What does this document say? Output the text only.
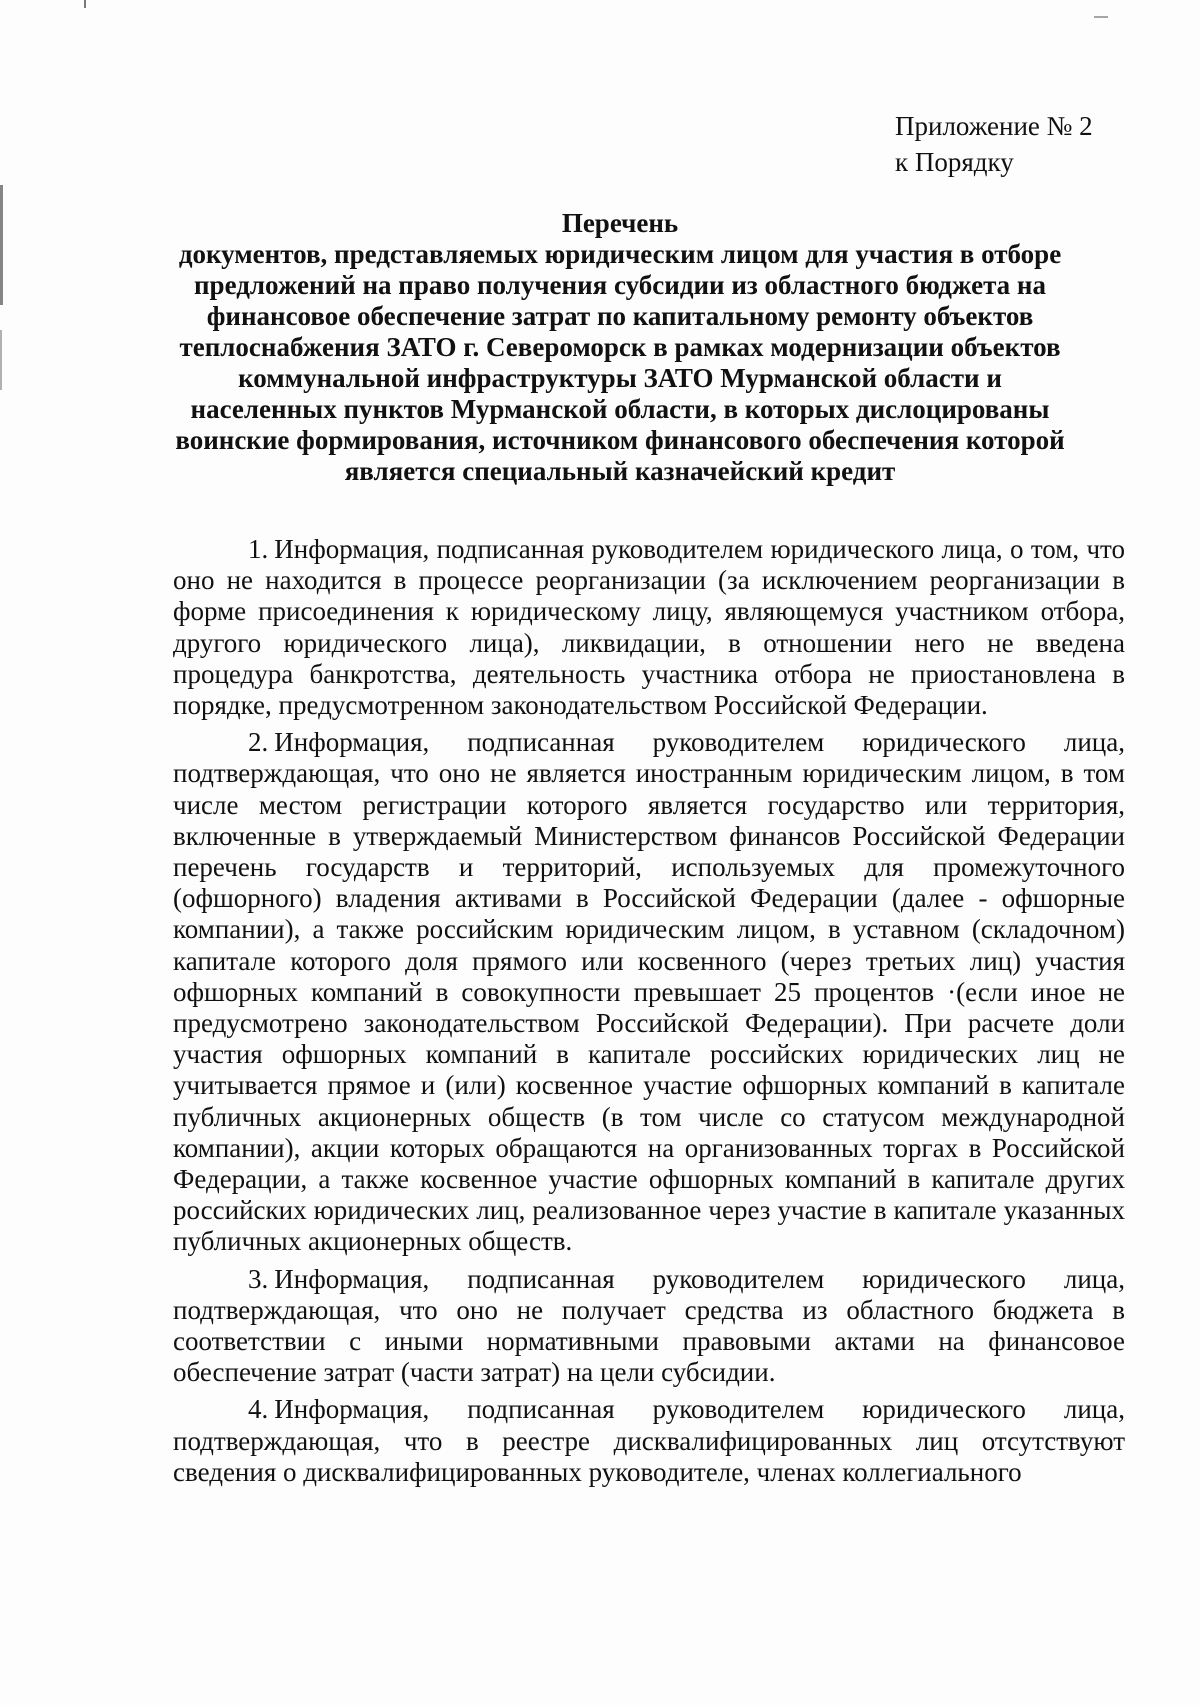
Приложение № 2
к Порядку
Перечень
документов, представляемых юридическим лицом для участия в отборе предложений на право получения субсидии из областного бюджета на финансовое обеспечение затрат по капитальному ремонту объектов теплоснабжения ЗАТО г. Североморск в рамках модернизации объектов коммунальной инфраструктуры ЗАТО Мурманской области и населенных пунктов Мурманской области, в которых дислоцированы воинские формирования, источником финансового обеспечения которой является специальный казначейский кредит

1. Информация, подписанная руководителем юридического лица, о том, что оно не находится в процессе реорганизации (за исключением реорганизации в форме присоединения к юридическому лицу, являющемуся участником отбора, другого юридического лица), ликвидации, в отношении него не введена процедура банкротства, деятельность участника отбора не приостановлена в порядке, предусмотренном законодательством Российской Федерации.

2. Информация, подписанная руководителем юридического лица, подтверждающая, что оно не является иностранным юридическим лицом, в том числе местом регистрации которого является государство или территория, включенные в утверждаемый Министерством финансов Российской Федерации перечень государств и территорий, используемых для промежуточного (офшорного) владения активами в Российской Федерации (далее - офшорные компании), а также российским юридическим лицом, в уставном (складочном) капитале которого доля прямого или косвенного (через третьих лиц) участия офшорных компаний в совокупности превышает 25 процентов ·(если иное не предусмотрено законодательством Российской Федерации). При расчете доли участия офшорных компаний в капитале российских юридических лиц не учитывается прямое и (или) косвенное участие офшорных компаний в капитале публичных акционерных обществ (в том числе со статусом международной компании), акции которых обращаются на организованных торгах в Российской Федерации, а также косвенное участие офшорных компаний в капитале других российских юридических лиц, реализованное через участие в капитале указанных публичных акционерных обществ.

3. Информация, подписанная руководителем юридического лица, подтверждающая, что оно не получает средства из областного бюджета в соответствии с иными нормативными правовыми актами на финансовое обеспечение затрат (части затрат) на цели субсидии.

4. Информация, подписанная руководителем юридического лица, подтверждающая, что в реестре дисквалифицированных лиц отсутствуют сведения о дисквалифицированных руководителе, членах коллегиального
